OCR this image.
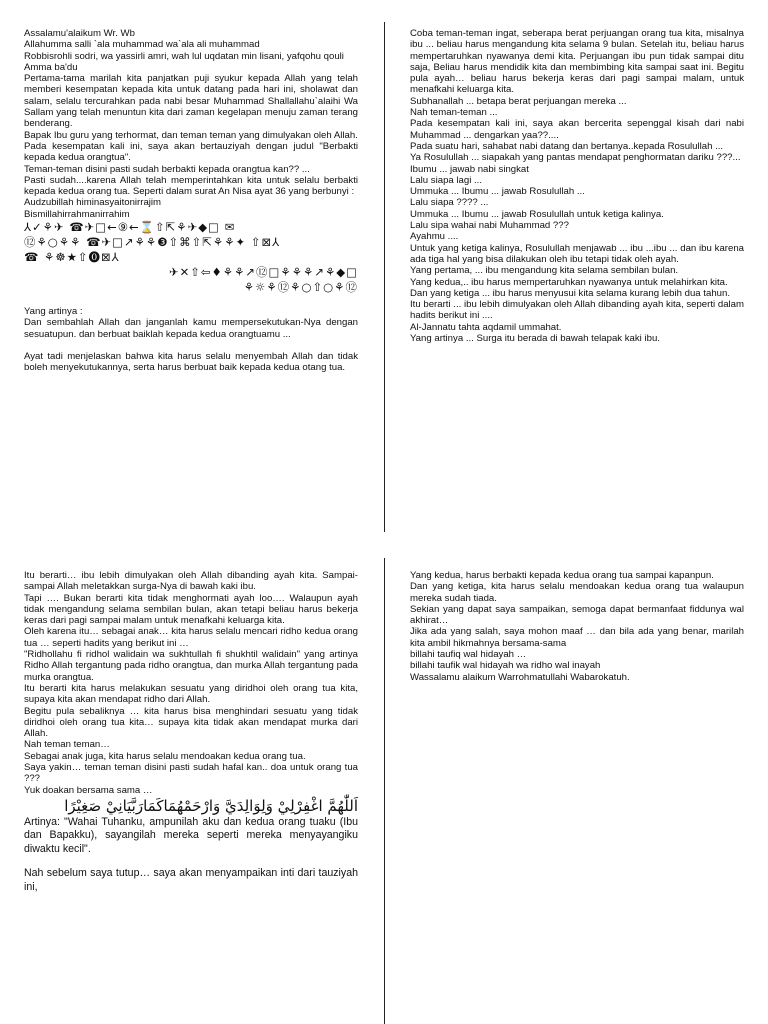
Assalamu'alaikum Wr. Wb

Allahumma salli `ala muhammad wa`ala ali muhammad

Robbisrohli sodri, wa yassirli amri, wah lul uqdatan min lisani, yafqohu qouli

Amma ba'du

Pertama-tama marilah kita panjatkan puji syukur kepada Allah yang telah memberi kesempatan kepada kita untuk datang pada hari ini, sholawat dan salam, selalu tercurahkan pada nabi besar Muhammad Shallallahu`alaihi Wa Sallam yang telah menuntun kita dari zaman kegelapan menuju zaman terang benderang.

Bapak Ibu guru yang terhormat, dan teman teman yang dimulyakan oleh Allah.

Pada kesempatan kali ini, saya akan bertauziyah dengan judul "Berbakti kepada kedua orangtua".

Teman-teman disini pasti sudah berbakti kepada orangtua kan?? ...

Pasti sudah....karena Allah telah memperintahkan kita untuk selalu berbakti kepada kedua orang tua. Seperti dalam surat An Nisa ayat 36 yang berbunyi :

Audzubillah himinasyaitonirrajim

Bismillahirrahmanirrahim

⅄✓⚘✈ ☎✈□←⑨←⌛⇧⇱⚘✈◆□ ✉

⑫⚘○⚘⚘ ☎✈□↗⚘⚘❸⇧⌘⇧⇱⚘⚘✦ ⇧⊠⅄

☎ ⚘☸★⇧⓿⊠⅄

✈✕⇧⇦♦⚘⚘↗⑫□⚘⚘⚘↗⚘◆□

⚘☼⚘⑫⚘○⇧○⚘⑫

Yang artinya :

Dan sembahlah Allah dan janganlah kamu mempersekutukan-Nya dengan sesuatupun. dan berbuat baiklah kepada kedua orangtuamu ...

Ayat tadi menjelaskan bahwa kita harus selalu menyembah Allah dan tidak boleh menyekutukannya, serta harus berbuat baik kepada kedua otang tua.

Coba teman-teman ingat, seberapa berat perjuangan orang tua kita, misalnya ibu ... beliau harus mengandung kita selama 9 bulan. Setelah itu, beliau harus mempertaruhkan nyawanya demi kita. Perjuangan ibu pun tidak sampai ditu saja, Beliau harus mendidik kita dan membimbing kita sampai saat ini. Begitu pula ayah… beliau harus bekerja keras dari pagi sampai malam, untuk menafkahi keluarga kita.

Subhanallah ... betapa berat perjuangan mereka ...

Nah teman-teman ...

Pada kesempatan kali ini, saya akan bercerita sepenggal kisah dari nabi Muhammad ... dengarkan yaa??....

Pada suatu hari, sahabat nabi datang dan bertanya..kepada Rosulullah ...

Ya Rosulullah ... siapakah yang pantas mendapat penghormatan dariku ???...

Ibumu ... jawab nabi singkat

Lalu siapa lagi ...

Ummuka ... Ibumu ... jawab Rosulullah ...

Lalu siapa ???? ...

Ummuka ... Ibumu ... jawab Rosulullah untuk ketiga kalinya.

Lalu sipa wahai nabi Muhammad ???

Ayahmu ....

Untuk yang ketiga kalinya, Rosulullah menjawab ... ibu ...ibu ... dan ibu karena ada tiga hal yang bisa dilakukan oleh ibu tetapi tidak oleh ayah.

Yang pertama, ... ibu mengandung kita selama sembilan bulan.

Yang kedua,.. ibu harus mempertaruhkan nyawanya untuk melahirkan kita.

Dan yang ketiga ... ibu harus menyusui kita selama kurang lebih dua tahun.

Itu berarti ... ibu lebih dimulyakan oleh Allah dibanding ayah kita, seperti dalam hadits berikut ini ....

Al-Jannatu tahta aqdamil ummahat.

Yang artinya ... Surga itu berada di bawah telapak kaki ibu.

Itu berarti… ibu lebih dimulyakan oleh Allah dibanding ayah kita. Sampai-sampai Allah meletakkan surga-Nya di bawah kaki ibu.

Tapi …. Bukan berarti kita tidak menghormati ayah loo…. Walaupun ayah tidak mengandung selama sembilan bulan, akan tetapi beliau harus bekerja keras dari pagi sampai malam untuk menafkahi keluarga kita.

Oleh karena itu… sebagai anak… kita harus selalu mencari ridho kedua orang tua … seperti hadits yang berikut ini …

"Ridhollahu fi ridhol walidain wa sukhtullah fi shukhtil walidain" yang artinya Ridho Allah tergantung pada ridho orangtua, dan murka Allah tergantung pada murka orangtua.

Itu berarti kita harus melakukan sesuatu yang diridhoi oleh orang tua kita, supaya kita akan mendapat ridho dari Allah.

Begitu pula sebaliknya … kita harus bisa menghindari sesuatu yang tidak diridhoi oleh orang tua kita… supaya kita tidak akan mendapat murka dari Allah.

Nah teman teman…

Sebagai anak juga, kita harus selalu mendoakan kedua orang tua.

Saya yakin… teman teman disini pasti sudah hafal kan.. doa untuk orang tua ???

Yuk doakan bersama sama …

اَللّٰهُمَّ اغْفِرْلِيْ وَلِوَالِدَيَّ وَارْحَمْهُمَاكَمَارَبَّيَانِيْ صَغِيْرًا

Artinya: "Wahai Tuhanku, ampunilah aku dan kedua orang tuaku (Ibu dan Bapakku), sayangilah mereka seperti mereka menyayangiku diwaktu kecil".

Nah sebelum saya tutup… saya akan menyampaikan inti dari tauziyah ini,

Yang kedua, harus berbakti kepada kedua orang tua sampai kapanpun.

Dan yang ketiga, kita harus selalu mendoakan kedua orang tua walaupun mereka sudah tiada.

Sekian yang dapat saya sampaikan, semoga dapat bermanfaat fiddunya wal akhirat…

Jika ada yang salah, saya mohon maaf … dan bila ada yang benar, marilah kita ambil hikmahnya bersama-sama

billahi taufiq wal hidayah …

billahi taufik wal hidayah wa ridho wal inayah

Wassalamu alaikum Warrohmatullahi Wabarokatuh.
